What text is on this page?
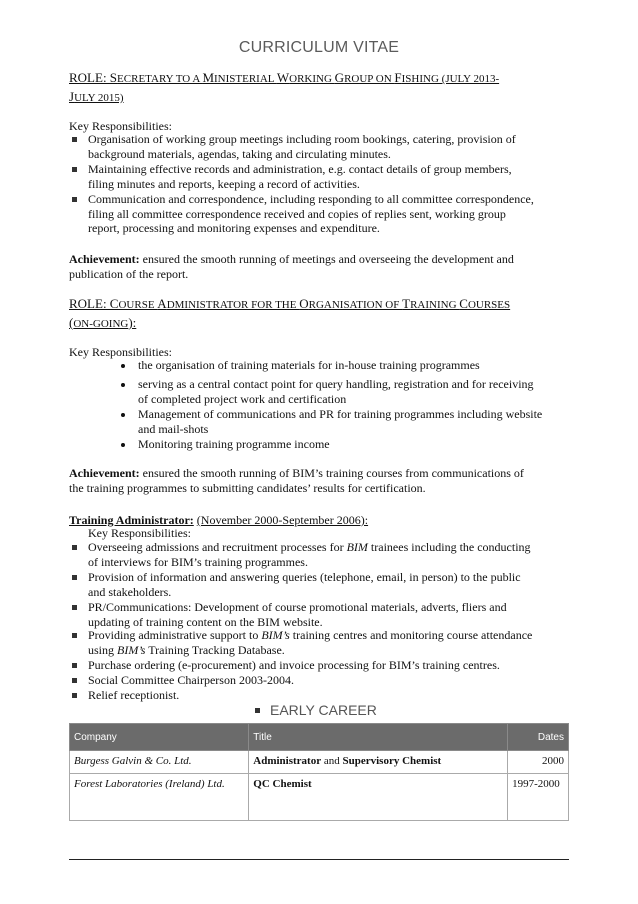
CURRICULUM VITAE
ROLE: SECRETARY TO A MINISTERIAL WORKING GROUP ON FISHING (JULY 2013-
JULY 2015)
Key Responsibilities:
Organisation of working group meetings including room bookings, catering, provision of
background materials, agendas, taking and circulating minutes.
Maintaining effective records and administration, e.g. contact details of group members,
filing minutes and reports, keeping a record of activities.
Communication and correspondence, including responding to all committee correspondence,
filing all committee correspondence received and copies of replies sent, working group
report, processing and monitoring expenses and expenditure.
Achievement: ensured the smooth running of meetings and overseeing the development and
publication of the report.
ROLE: COURSE ADMINISTRATOR FOR THE ORGANISATION OF TRAINING COURSES
(ON-GOING):
Key Responsibilities:
the organisation of training materials for in-house training programmes
serving as a central contact point for query handling, registration and for receiving
of completed project work and certification
Management of communications and PR for training programmes including website
and mail-shots
Monitoring training programme income
Achievement: ensured the smooth running of BIM’s training courses from communications of
the training programmes to submitting candidates’ results for certification.
Training Administrator: (November 2000-September 2006):
Key Responsibilities:
Overseeing admissions and recruitment processes for BIM trainees including the conducting
of interviews for BIM’s training programmes.
Provision of information and answering queries (telephone, email, in person) to the public
and stakeholders.
PR/Communications: Development of course promotional materials, adverts, fliers and
updating of training content on the BIM website.
Providing administrative support to BIM’s training centres and monitoring course attendance
using BIM’s Training Tracking Database.
Purchase ordering (e-procurement) and invoice processing for BIM’s training centres.
Social Committee Chairperson 2003-2004.
Relief receptionist.
EARLY CAREER
Company	Title	Dates
Burgess Galvin & Co. Ltd.	Administrator and Supervisory Chemist	2000
Forest Laboratories (Ireland) Ltd.	QC Chemist	1997-2000
